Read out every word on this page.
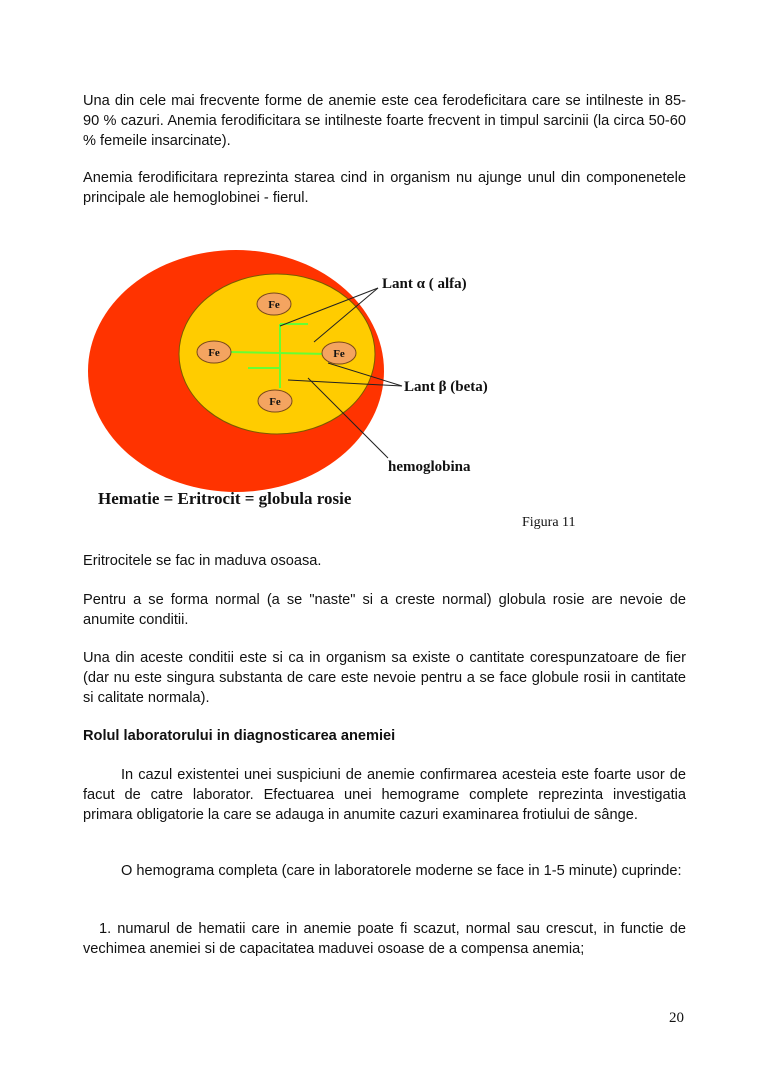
Una din cele mai frecvente forme de anemie este cea ferodeficitara care se intilneste in 85-90 % cazuri. Anemia ferodificitara se intilneste foarte frecvent in timpul sarcinii (la circa 50-60 % femeile insarcinate).

Anemia ferodificitara reprezinta starea cind in organism nu ajunge unul din componenetele principale ale hemoglobinei - fierul.

Fe
Fe	Fe
Fe
Lant α ( alfa)
Lant β (beta)
hemoglobina
Hematie = Eritrocit = globula rosie
Figura 11

Eritrocitele se fac in maduva osoasa.

Pentru a se forma normal (a se "naste" si a creste normal) globula rosie are nevoie de anumite conditii.

Una din aceste conditii este si ca in organism sa existe o cantitate corespunzatoare de fier (dar nu este singura substanta de care este nevoie pentru a se face globule rosii in cantitate si calitate normala).

Rolul laboratorului in diagnosticarea anemiei

In cazul existentei unei suspiciuni de anemie confirmarea acesteia este foarte usor de facut de catre laborator. Efectuarea unei hemograme complete reprezinta investigatia primara obligatorie la care se adauga in anumite cazuri examinarea frotiului de sânge.

O hemograma completa (care in laboratorele moderne se face in 1-5 minute) cuprinde:

1. numarul de hematii care in anemie poate fi scazut, normal sau crescut, in functie de vechimea anemiei si de capacitatea maduvei osoase de a compensa anemia;

20
